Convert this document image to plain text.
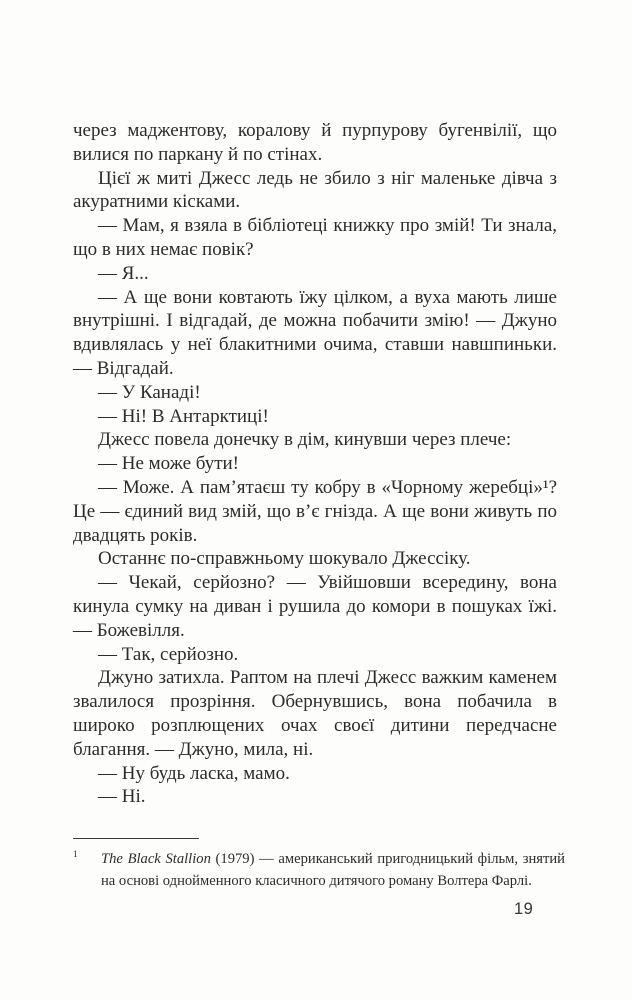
через маджентову, коралову й пурпурову бугенвілії, що вилися по паркану й по стінах.

Цієї ж миті Джесс ледь не збило з ніг маленьке дівча з акуратними кісками.

— Мам, я взяла в бібліотеці книжку про змій! Ти знала, що в них немає повік?

— Я...

— А ще вони ковтають їжу цілком, а вуха мають лише внутрішні. І відгадай, де можна побачити змію! — Джуно вдивлялась у неї блакитними очима, ставши навшпиньки. — Відгадай.

— У Канаді!

— Ні! В Антарктиці!

Джесс повела донечку в дім, кинувши через плече:

— Не може бути!

— Може. А пам’ятаєш ту кобру в «Чорному жеребці»¹? Це — єдиний вид змій, що в’є гнізда. А ще вони живуть по двадцять років.

Останнє по-справжньому шокувало Джессіку.

— Чекай, серйозно? — Увійшовши всередину, вона кинула сумку на диван і рушила до комори в пошуках їжі. — Божевілля.

— Так, серйозно.

Джуно затихла. Раптом на плечі Джесс важким каменем звалилося прозріння. Обернувшись, вона побачила в широко розплющених очах своєї дитини передчасне благання. — Джуно, мила, ні.

— Ну будь ласка, мамо.

— Ні.

1	The Black Stallion (1979) — американський пригодницький фільм, знятий на основі однойменного класичного дитячого роману Волтера Фарлі.
19
